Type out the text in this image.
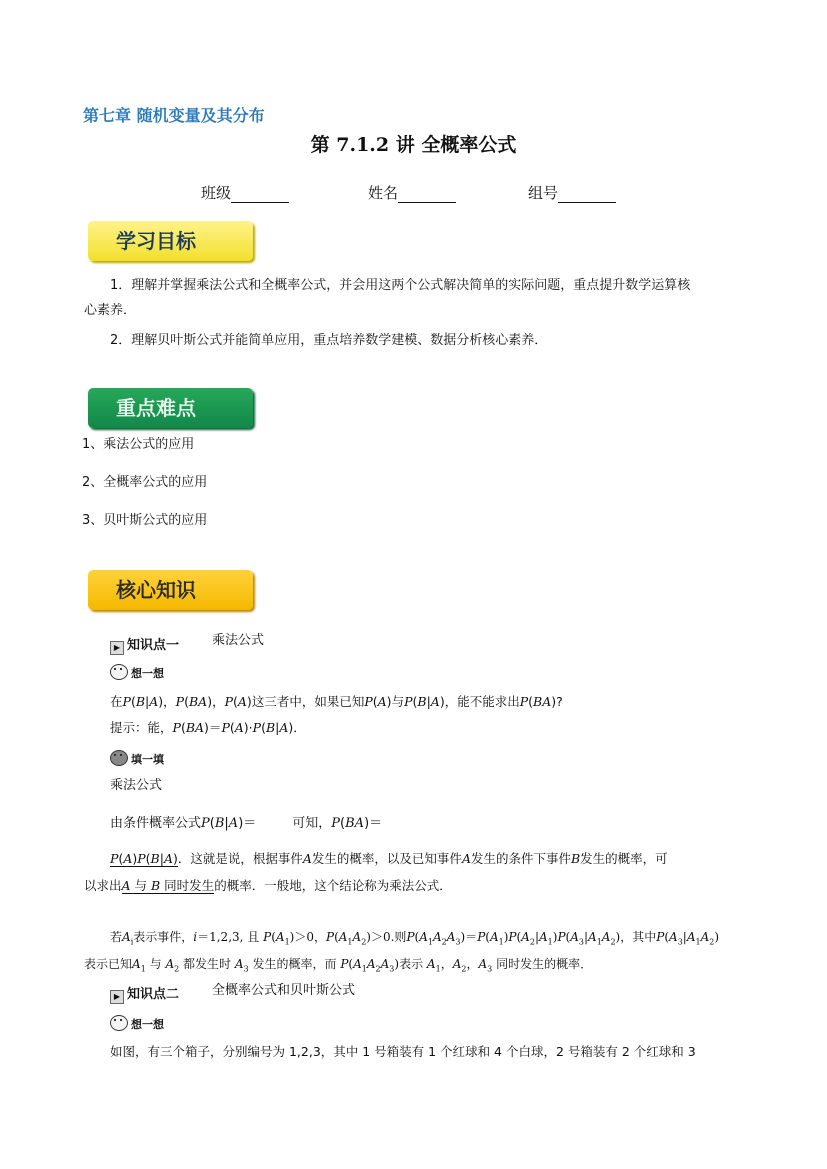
第七章 随机变量及其分布
第 7.1.2 讲 全概率公式
班级	姓名	组号
学习目标
1．理解并掌握乘法公式和全概率公式，并会用这两个公式解决简单的实际问题，重点提升数学运算核
心素养．
2．理解贝叶斯公式并能简单应用，重点培养数学建模、数据分析核心素养．
重点难点
1、乘法公式的应用
2、全概率公式的应用
3、贝叶斯公式的应用
核心知识
▶ 知识点一	乘法公式
想一想
在P(B|A)，P(BA)，P(A)这三者中，如果已知P(A)与P(B|A)，能不能求出P(BA)?
提示：能，P(BA)＝P(A)·P(B|A)．
填一填
乘法公式
由条件概率公式P(B|A)＝	可知，P(BA)＝
P(A)P(B|A)．这就是说，根据事件A发生的概率，以及已知事件A发生的条件下事件B发生的概率，可
以求出A 与 B 同时发生的概率．一般地，这个结论称为乘法公式．
若$A_i$表示事件，i＝1,2,3, 且 $P(A_1)>0$，$P(A_1A_2)>0$.则$P(A_1A_2A_3)=P(A_1)P(A_2|A_1)P(A_3|A_1A_2)$，其中$P(A_3|A_1A_2)$
表示已知$A_1$ 与 $A_2$ 都发生时 $A_3$ 发生的概率，而 $P(A_1A_2A_3)$表示 $A_1$，$A_2$，$A_3$ 同时发生的概率．
▶ 知识点二	全概率公式和贝叶斯公式
想一想
如图，有三个箱子，分别编号为 1,2,3，其中 1 号箱装有 1 个红球和 4 个白球，2 号箱装有 2 个红球和 3
